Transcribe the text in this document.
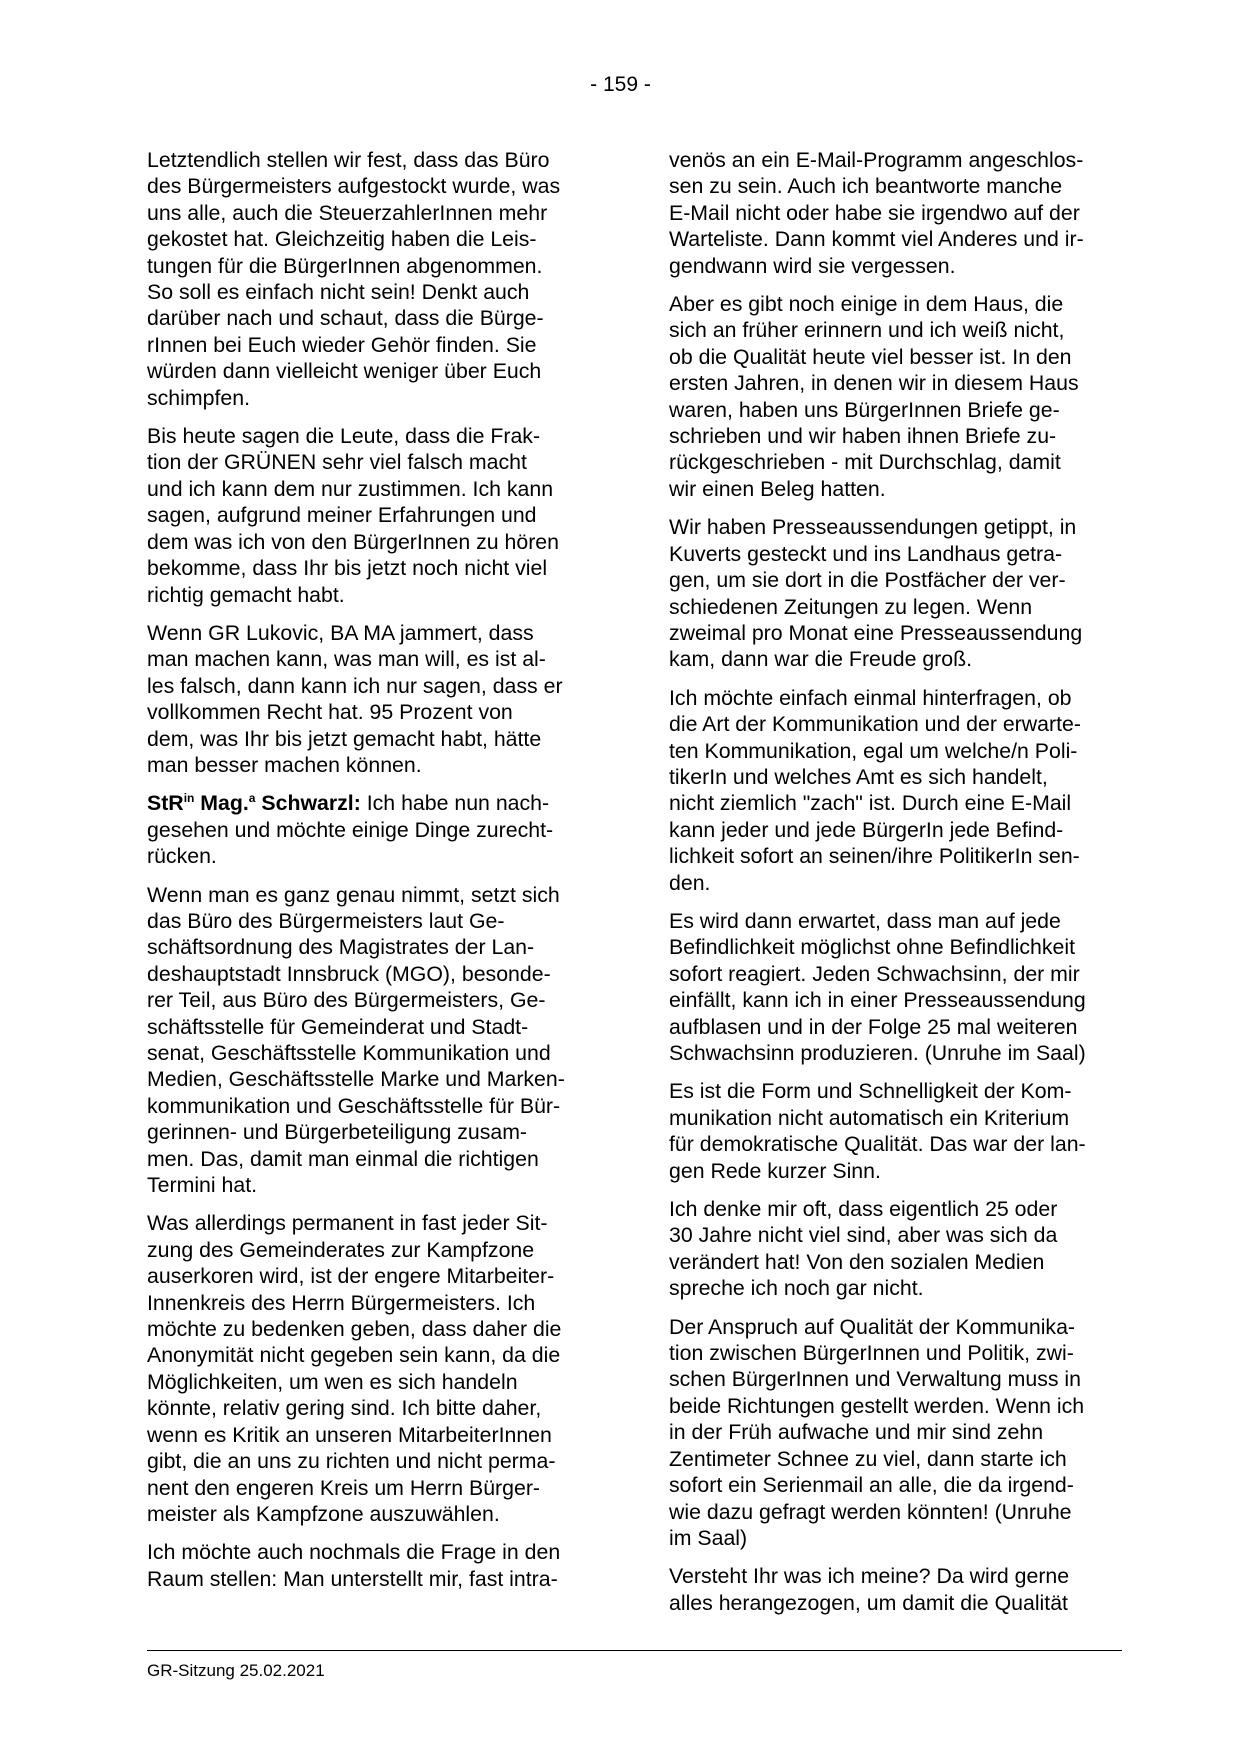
- 159 -

Letztendlich stellen wir fest, dass das Büro
des Bürgermeisters aufgestockt wurde, was
uns alle, auch die SteuerzahlerInnen mehr
gekostet hat. Gleichzeitig haben die Leis-
tungen für die BürgerInnen abgenommen.
So soll es einfach nicht sein! Denkt auch
darüber nach und schaut, dass die Bürge-
rInnen bei Euch wieder Gehör finden. Sie
würden dann vielleicht weniger über Euch
schimpfen.

Bis heute sagen die Leute, dass die Frak-
tion der GRÜNEN sehr viel falsch macht
und ich kann dem nur zustimmen. Ich kann
sagen, aufgrund meiner Erfahrungen und
dem was ich von den BürgerInnen zu hören
bekomme, dass Ihr bis jetzt noch nicht viel
richtig gemacht habt.

Wenn GR Lukovic, BA MA jammert, dass
man machen kann, was man will, es ist al-
les falsch, dann kann ich nur sagen, dass er
vollkommen Recht hat. 95 Prozent von
dem, was Ihr bis jetzt gemacht habt, hätte
man besser machen können.

StR$^{in}$ Mag.$^a$ Schwarzl: Ich habe nun nach-
gesehen und möchte einige Dinge zurecht-
rücken.

Wenn man es ganz genau nimmt, setzt sich
das Büro des Bürgermeisters laut Ge-
schäftsordnung des Magistrates der Lan-
deshauptstadt Innsbruck (MGO), besonde-
rer Teil, aus Büro des Bürgermeisters, Ge-
schäftsstelle für Gemeinderat und Stadt-
senat, Geschäftsstelle Kommunikation und
Medien, Geschäftsstelle Marke und Marken-
kommunikation und Geschäftsstelle für Bür-
gerinnen- und Bürgerbeteiligung zusam-
men. Das, damit man einmal die richtigen
Termini hat.

Was allerdings permanent in fast jeder Sit-
zung des Gemeinderates zur Kampfzone
auserkoren wird, ist der engere Mitarbeiter-
Innenkreis des Herrn Bürgermeisters. Ich
möchte zu bedenken geben, dass daher die
Anonymität nicht gegeben sein kann, da die
Möglichkeiten, um wen es sich handeln
könnte, relativ gering sind. Ich bitte daher,
wenn es Kritik an unseren MitarbeiterInnen
gibt, die an uns zu richten und nicht perma-
nent den engeren Kreis um Herrn Bürger-
meister als Kampfzone auszuwählen.

Ich möchte auch nochmals die Frage in den
Raum stellen: Man unterstellt mir, fast intra-

venös an ein E-Mail-Programm angeschlos-
sen zu sein. Auch ich beantworte manche
E-Mail nicht oder habe sie irgendwo auf der
Warteliste. Dann kommt viel Anderes und ir-
gendwann wird sie vergessen.

Aber es gibt noch einige in dem Haus, die
sich an früher erinnern und ich weiß nicht,
ob die Qualität heute viel besser ist. In den
ersten Jahren, in denen wir in diesem Haus
waren, haben uns BürgerInnen Briefe ge-
schrieben und wir haben ihnen Briefe zu-
rückgeschrieben - mit Durchschlag, damit
wir einen Beleg hatten.

Wir haben Presseaussendungen getippt, in
Kuverts gesteckt und ins Landhaus getra-
gen, um sie dort in die Postfächer der ver-
schiedenen Zeitungen zu legen. Wenn
zweimal pro Monat eine Presseaussendung
kam, dann war die Freude groß.

Ich möchte einfach einmal hinterfragen, ob
die Art der Kommunikation und der erwarte-
ten Kommunikation, egal um welche/n Poli-
tikerIn und welches Amt es sich handelt,
nicht ziemlich "zach" ist. Durch eine E-Mail
kann jeder und jede BürgerIn jede Befind-
lichkeit sofort an seinen/ihre PolitikerIn sen-
den.

Es wird dann erwartet, dass man auf jede
Befindlichkeit möglichst ohne Befindlichkeit
sofort reagiert. Jeden Schwachsinn, der mir
einfällt, kann ich in einer Presseaussendung
aufblasen und in der Folge 25 mal weiteren
Schwachsinn produzieren. (Unruhe im Saal)

Es ist die Form und Schnelligkeit der Kom-
munikation nicht automatisch ein Kriterium
für demokratische Qualität. Das war der lan-
gen Rede kurzer Sinn.

Ich denke mir oft, dass eigentlich 25 oder
30 Jahre nicht viel sind, aber was sich da
verändert hat! Von den sozialen Medien
spreche ich noch gar nicht.

Der Anspruch auf Qualität der Kommunika-
tion zwischen BürgerInnen und Politik, zwi-
schen BürgerInnen und Verwaltung muss in
beide Richtungen gestellt werden. Wenn ich
in der Früh aufwache und mir sind zehn
Zentimeter Schnee zu viel, dann starte ich
sofort ein Serienmail an alle, die da irgend-
wie dazu gefragt werden könnten! (Unruhe
im Saal)

Versteht Ihr was ich meine? Da wird gerne
alles herangezogen, um damit die Qualität

GR-Sitzung 25.02.2021
